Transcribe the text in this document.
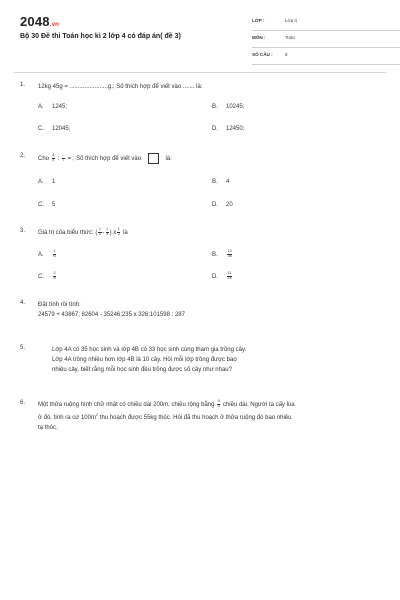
2048.vn
Bộ 30 Đề thi Toán học kì 2 lớp 4 có đáp án( đề 3)
LỚP :	Lớp 4
MÔN :	Toán
SỐ CÂU :	6
1. 12kg 45g = .......................g.; Số thích hợp để viết vào ....... là:
A. 1245;	B. 10245;
C. 12045;	D. 12450;
2.
Cho $\frac{4}{5}$ : $\frac{..}{7}$ = ; Số thích hợp để viết vào	là:
A. 1	B. 4
C. 5	D. 20
3. Giá trị của biểu thức: ( $\frac{1}{2} - \frac{1}{3}$ ) x $\frac{1}{2}$ là
A. $\frac{1}{6}$	B. $\frac{12}{36}$
C. $\frac{2}{8}$	D. $\frac{11}{24}$
4. Đặt tính rồi tính:
24579 + 43867; 82604 - 35246;235 x 326;101598 : 287
5.	Lớp 4A có 35 học sinh và lớp 4B có 33 học sinh cùng tham gia trồng cây.
Lớp 4A trồng nhiều hơn lớp 4B là 10 cây. Hỏi mỗi lớp trồng được bao
nhiêu cây, biết rằng mỗi học sinh đều trồng được số cây như nhau?
6. Một thửa ruộng hình chữ nhật có chiều dài 200m, chiều rộng bằng $\frac{3}{4}$ chiều dài. Người ta cấy lúa
ở đó, tính ra cứ $100m^2$ thu hoạch được 55kg thóc. Hỏi đã thu hoạch ở thửa ruộng đó bao nhiêu
tạ thóc.
